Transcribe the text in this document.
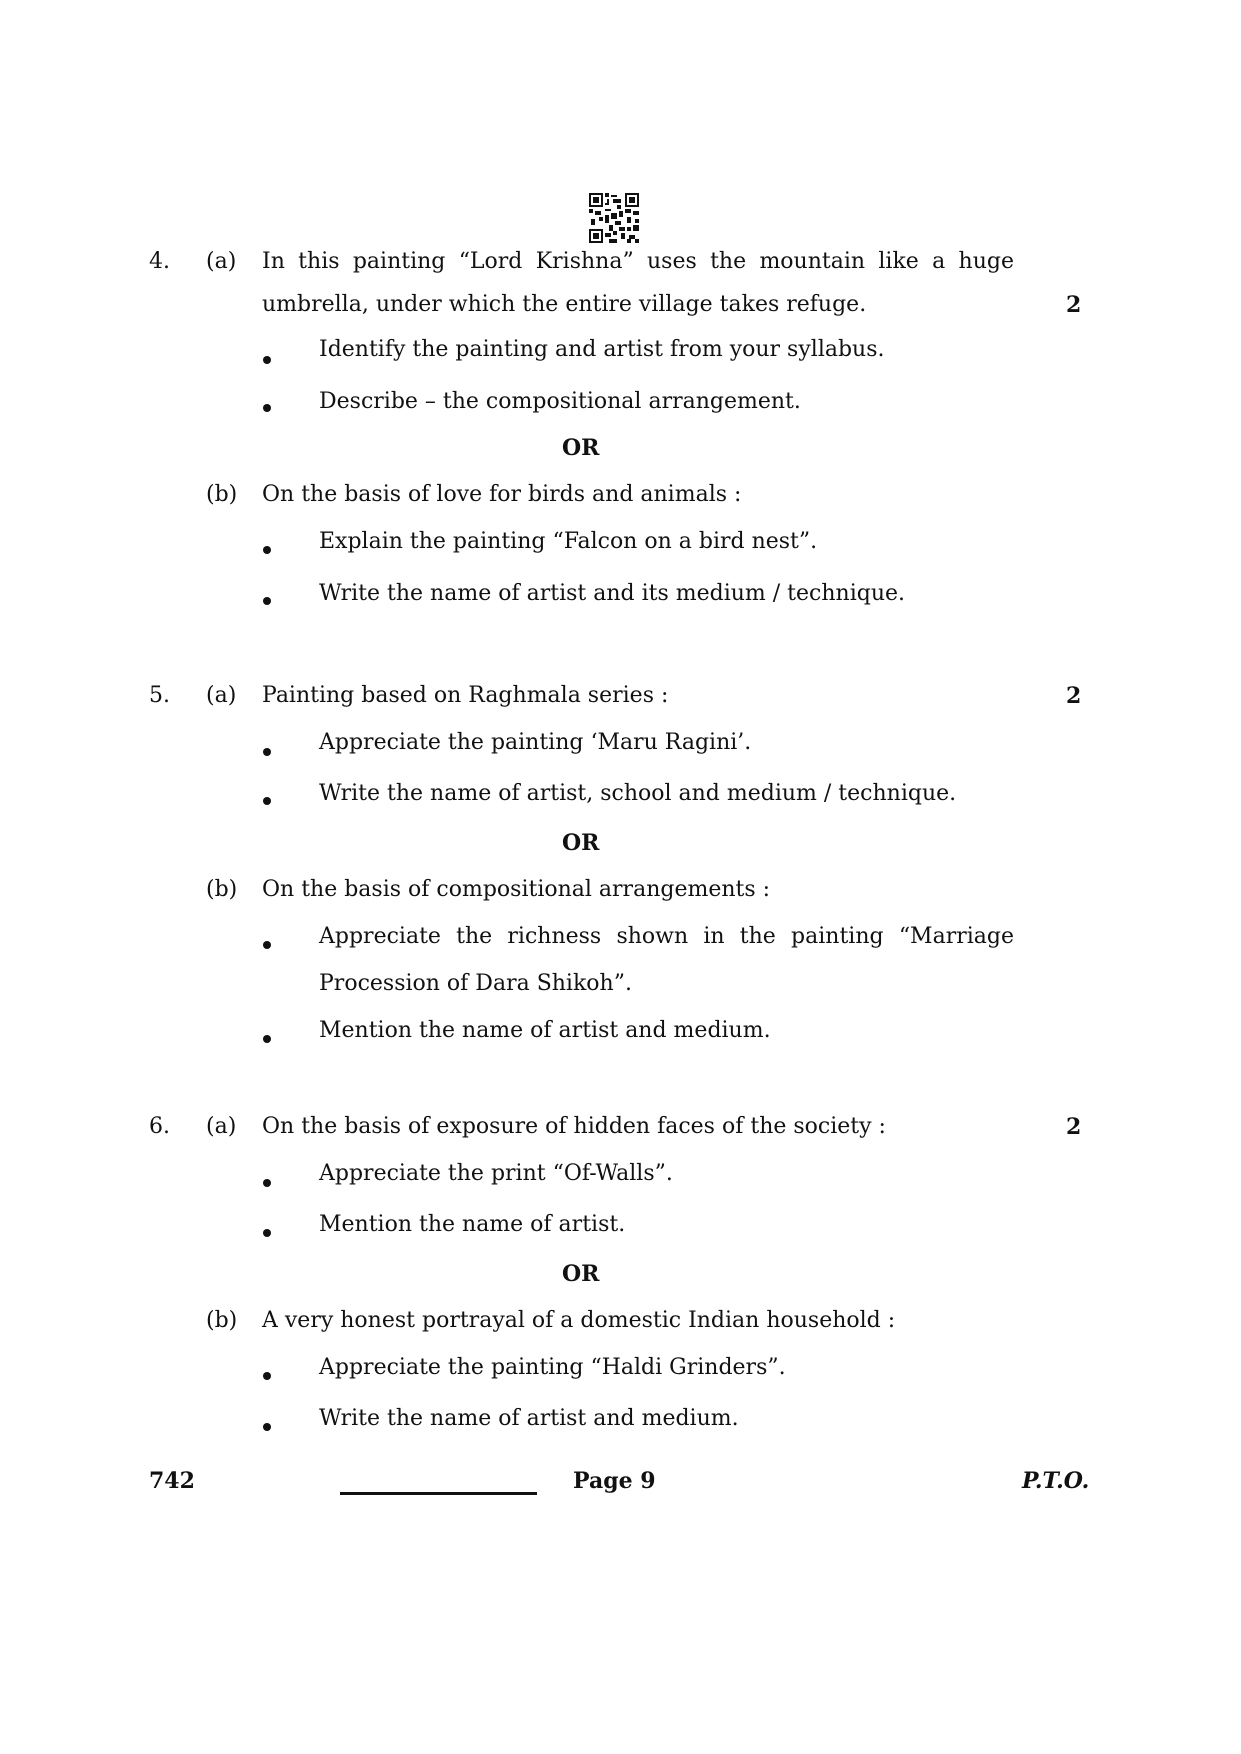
4. (a) In this painting “Lord Krishna” uses the mountain like a huge
umbrella, under which the entire village takes refuge.	2
Identify the painting and artist from your syllabus.
Describe – the compositional arrangement.
OR
(b) On the basis of love for birds and animals :
Explain the painting “Falcon on a bird nest”.
Write the name of artist and its medium / technique.
5. (a) Painting based on Raghmala series :	2
Appreciate the painting ‘Maru Ragini’.
Write the name of artist, school and medium / technique.
OR
(b) On the basis of compositional arrangements :
Appreciate the richness shown in the painting “Marriage
Procession of Dara Shikoh”.
Mention the name of artist and medium.
6. (a) On the basis of exposure of hidden faces of the society :	2
Appreciate the print “Of-Walls”.
Mention the name of artist.
OR
(b) A very honest portrayal of a domestic Indian household :
Appreciate the painting “Haldi Grinders”.
Write the name of artist and medium.
742	Page 9	P.T.O.
